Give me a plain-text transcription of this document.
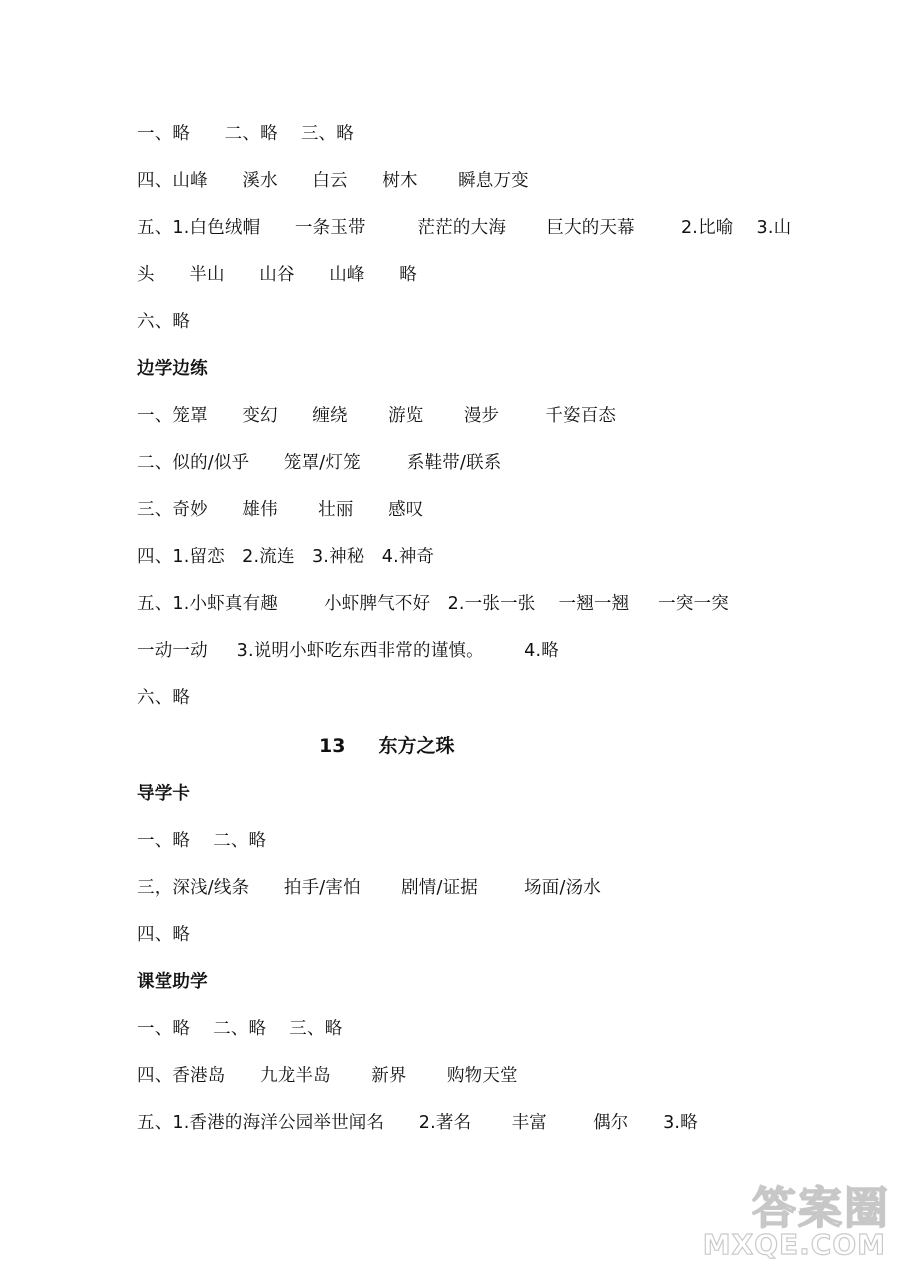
一、略      二、略    三、略
四、山峰      溪水      白云      树木       瞬息万变
五、1.白色绒帽      一条玉带         茫茫的大海       巨大的天幕        2.比喻    3.山
头      半山      山谷      山峰      略
六、略
边学边练
一、笼罩      变幻      缠绕       游览       漫步        千姿百态
二、似的/似乎      笼罩/灯笼        系鞋带/联系
三、奇妙      雄伟       壮丽      感叹
四、1.留恋   2.流连   3.神秘   4.神奇
五、1.小虾真有趣        小虾脾气不好   2.一张一张    一翘一翘     一突一突
一动一动     3.说明小虾吃东西非常的谨慎。       4.略
六、略
13 东方之珠
导学卡
一、略    二、略
三，深浅/线条      拍手/害怕       剧情/证据        场面/汤水
四、略
课堂助学
一、略    二、略    三、略
四、香港岛      九龙半岛       新界       购物天堂
五、1.香港的海洋公园举世闻名      2.著名       丰富        偶尔      3.略
答案圈
MXQE.COM
